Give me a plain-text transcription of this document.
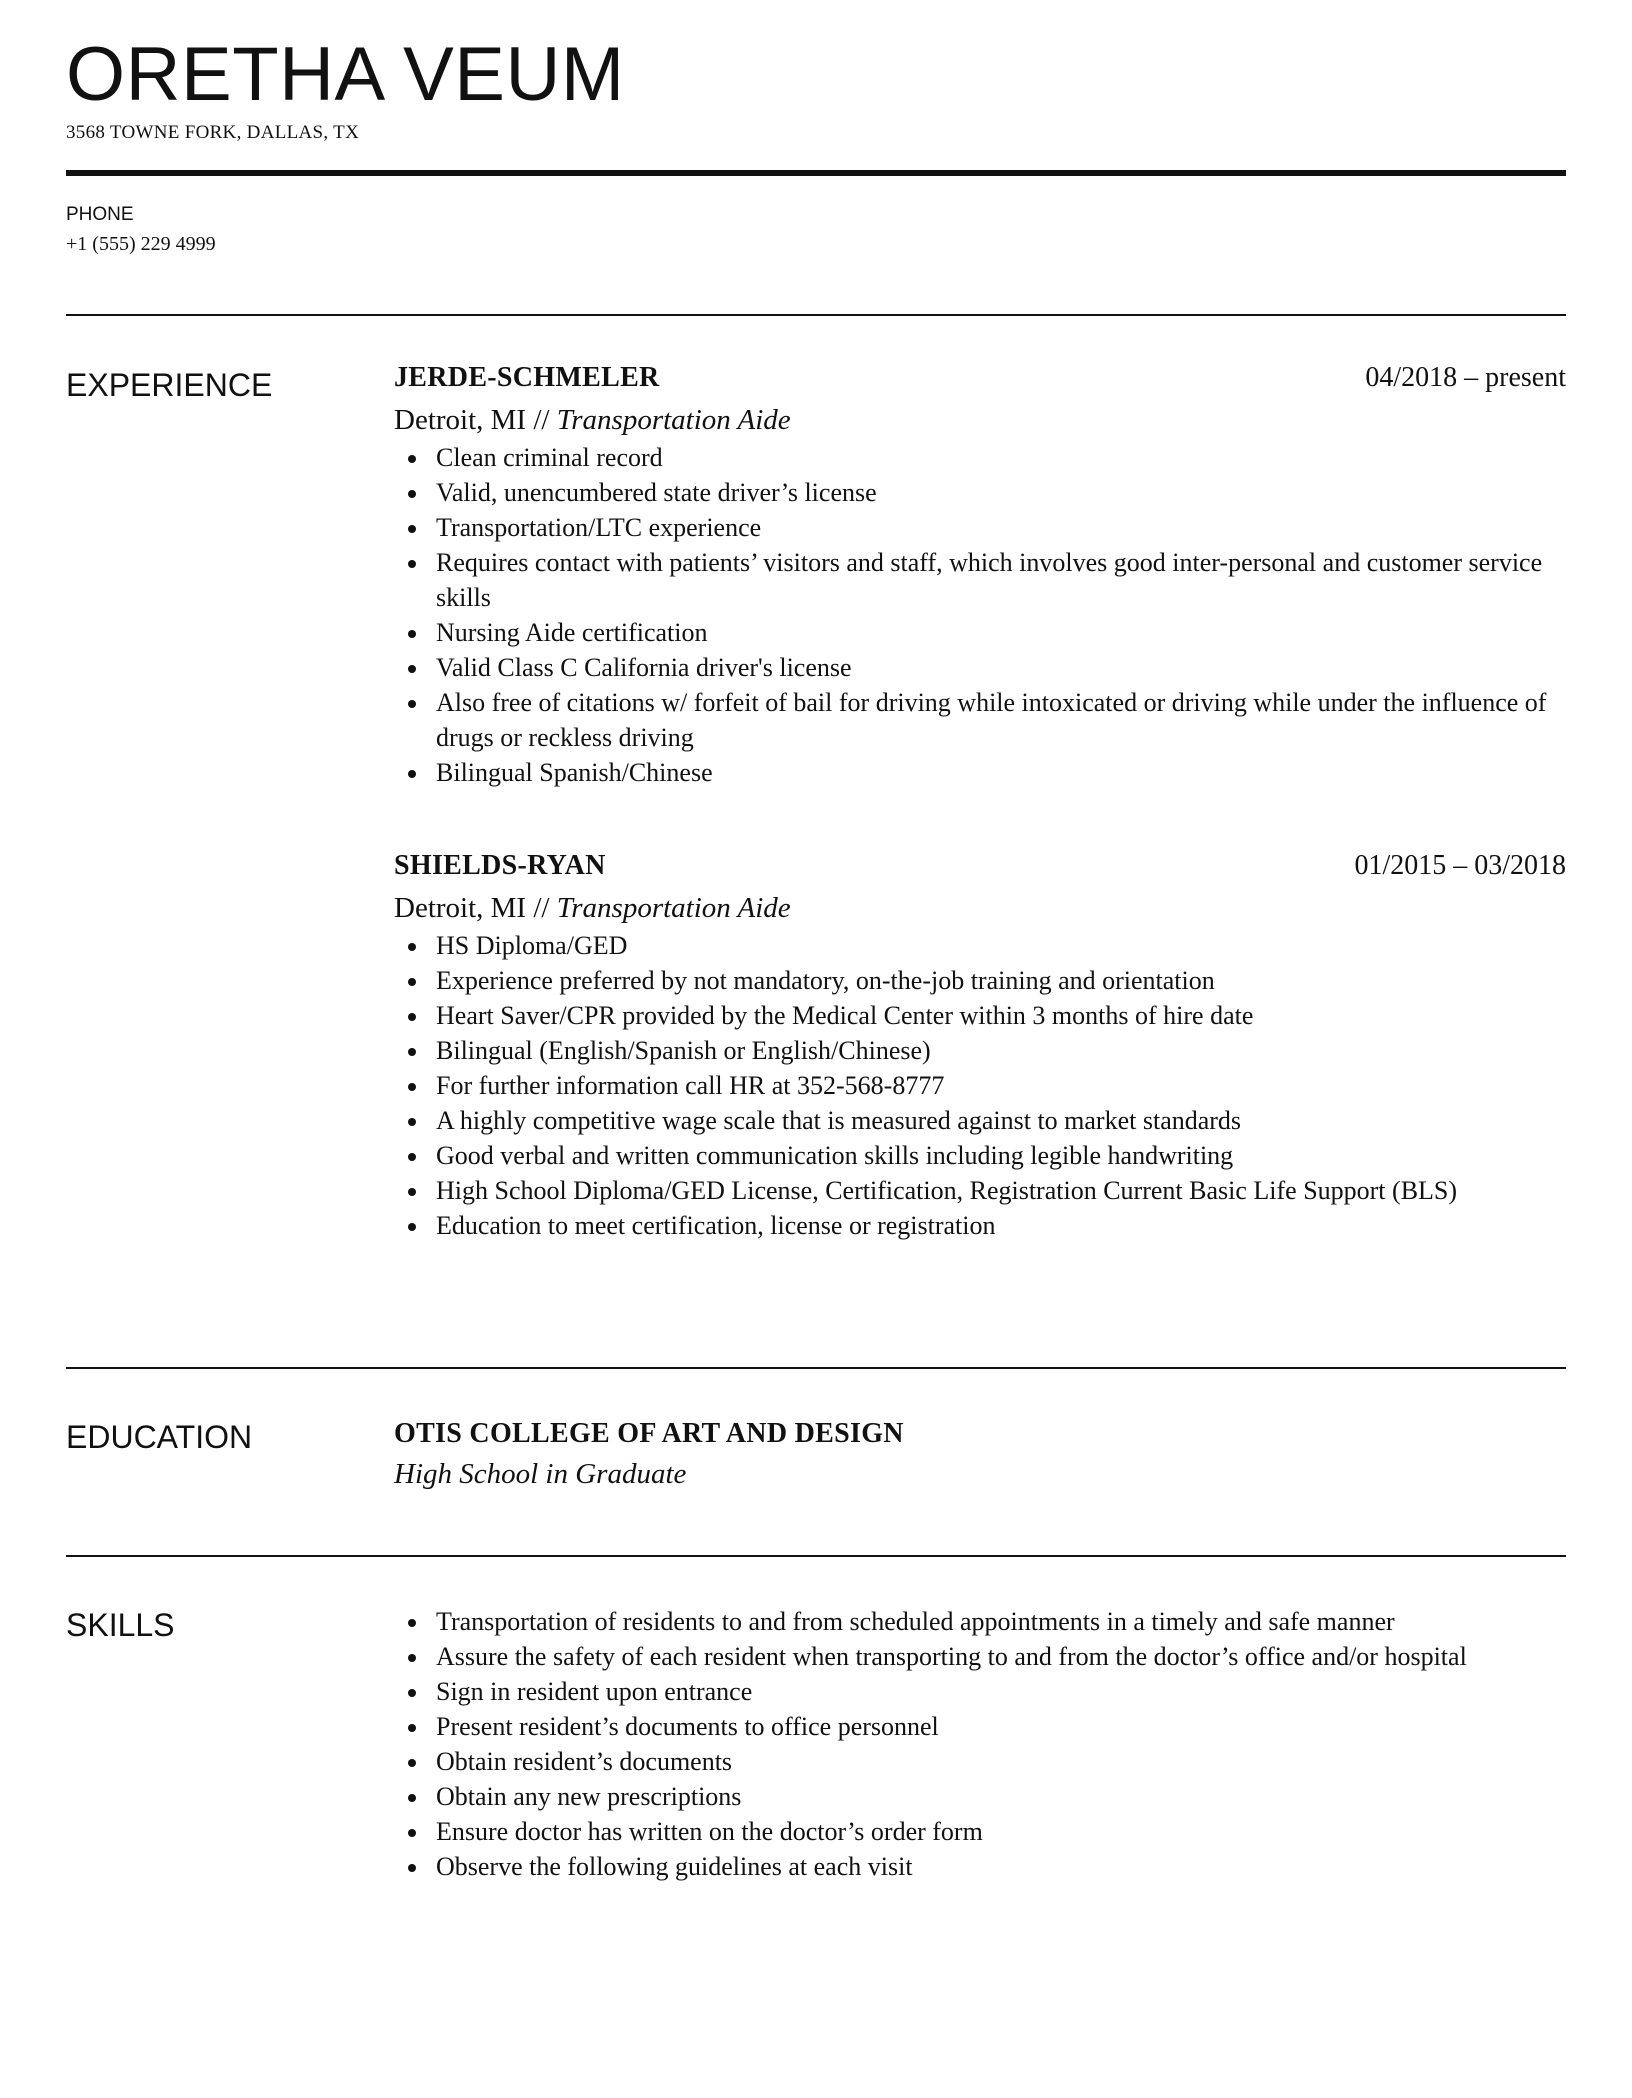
ORETHA VEUM
3568 TOWNE FORK, DALLAS, TX
PHONE
+1 (555) 229 4999
EXPERIENCE	JERDE-SCHMELER	04/2018 – present
Detroit, MI // Transportation Aide
Clean criminal record
Valid, unencumbered state driver’s license
Transportation/LTC experience
Requires contact with patients’ visitors and staff, which involves good inter-personal and customer service skills
Nursing Aide certification
Valid Class C California driver's license
Also free of citations w/ forfeit of bail for driving while intoxicated or driving while under the influence of drugs or reckless driving
Bilingual Spanish/Chinese
SHIELDS-RYAN	01/2015 – 03/2018
Detroit, MI // Transportation Aide
HS Diploma/GED
Experience preferred by not mandatory, on-the-job training and orientation
Heart Saver/CPR provided by the Medical Center within 3 months of hire date
Bilingual (English/Spanish or English/Chinese)
For further information call HR at 352-568-8777
A highly competitive wage scale that is measured against to market standards
Good verbal and written communication skills including legible handwriting
High School Diploma/GED License, Certification, Registration Current Basic Life Support (BLS)
Education to meet certification, license or registration
EDUCATION	OTIS COLLEGE OF ART AND DESIGN
High School in Graduate
SKILLS	Transportation of residents to and from scheduled appointments in a timely and safe manner
Assure the safety of each resident when transporting to and from the doctor’s office and/or hospital
Sign in resident upon entrance
Present resident’s documents to office personnel
Obtain resident’s documents
Obtain any new prescriptions
Ensure doctor has written on the doctor’s order form
Observe the following guidelines at each visit
